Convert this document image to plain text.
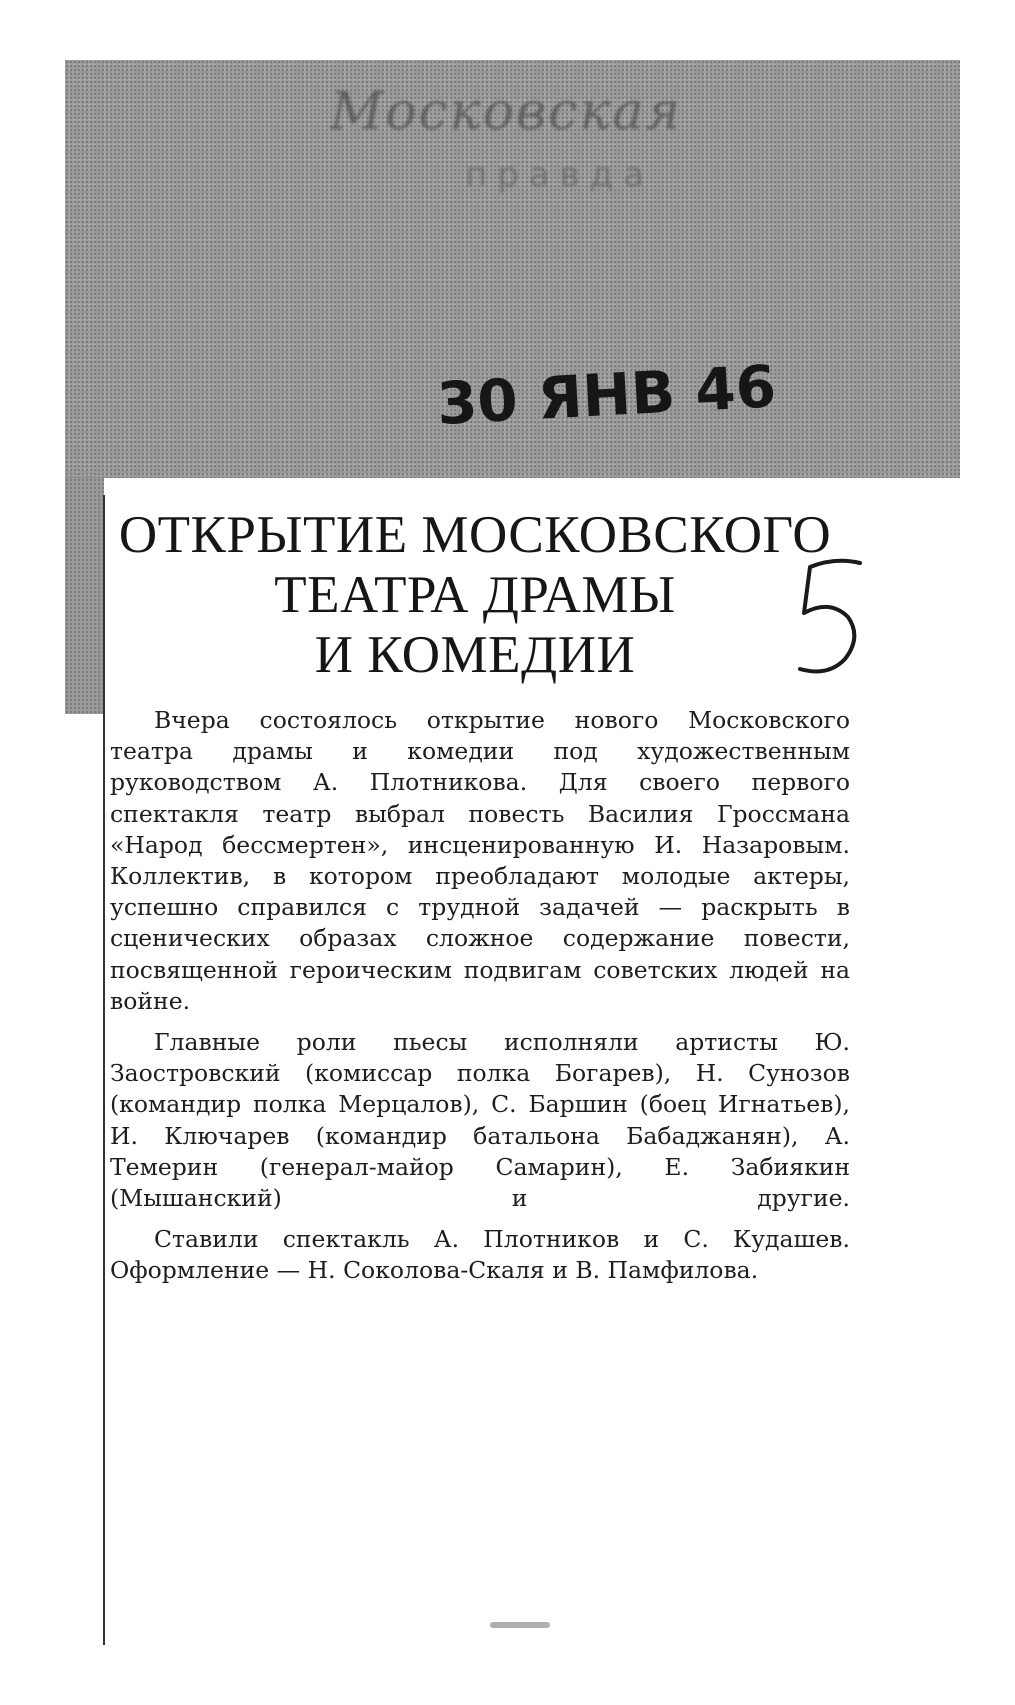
Московская
правда
30 ЯНВ 46
ОТКРЫТИЕ МОСКОВСКОГО
ТЕАТРА ДРАМЫ
И КОМЕДИИ

Вчера состоялось открытие нового Московского театра драмы и комедии под художественным руководством А. Плотникова. Для своего первого спектакля театр выбрал повесть Василия Гроссмана «Народ бессмертен», инсценированную И. Назаровым. Коллектив, в котором преобладают молодые актеры, успешно справился с трудной задачей — раскрыть в сценических образах сложное содержание повести, посвященной героическим подвигам советских людей на войне.

Главные роли пьесы исполняли артисты Ю. Заостровский (комиссар полка Богарев), Н. Сунозов (командир полка Мерцалов), С. Баршин (боец Игнатьев), И. Ключарев (командир батальона Бабаджанян), А. Темерин (генерал-майор Самарин), Е. Забиякин (Мышанский) и другие.

Ставили спектакль А. Плотников и С. Кудашев. Оформление — Н. Соколова-Скаля и В. Памфилова.
